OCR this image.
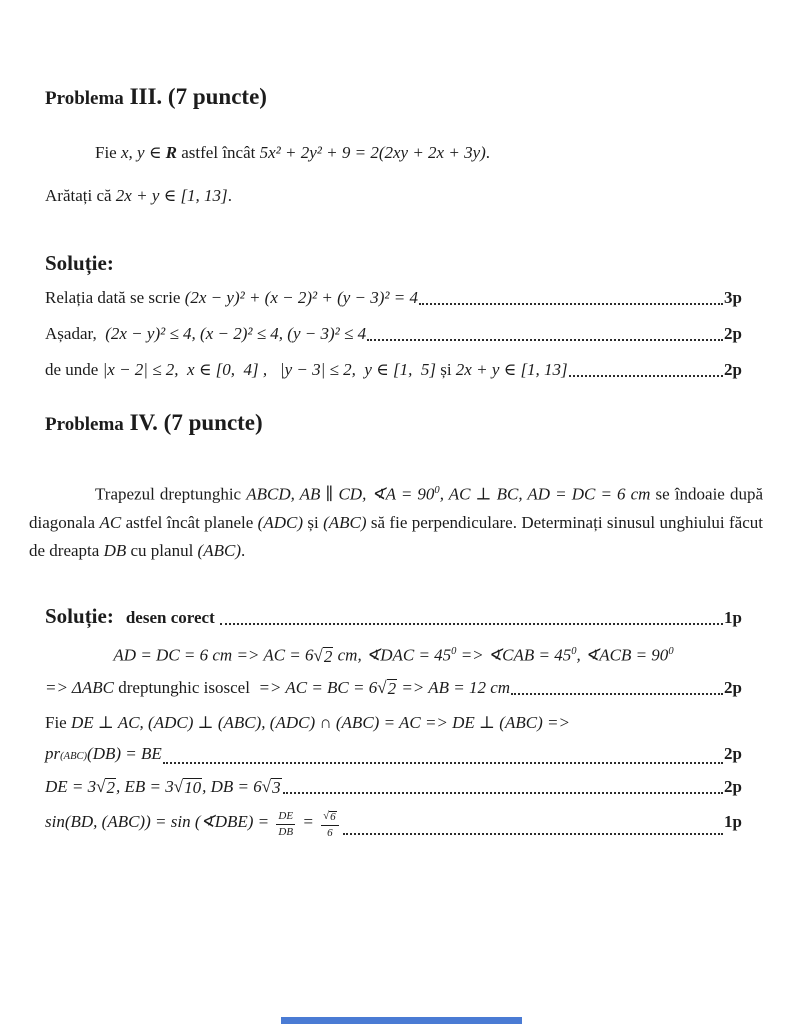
Problema III. (7 puncte)
Fie x, y ∈ R astfel încât 5x² + 2y² + 9 = 2(2xy + 2x + 3y).
Arătați că 2x + y ∈ [1, 13].
Soluție:
Relația dată se scrie (2x − y)² + (x − 2)² + (y − 3)² = 4	3p
Așadar, (2x − y)² ≤ 4, (x − 2)² ≤ 4, (y − 3)² ≤ 4	2p
de unde |x − 2| ≤ 2,  x ∈ [0,  4] ,   |y − 3| ≤ 2,  y ∈ [1,  5] și 2x + y ∈ [1, 13]	2p
Problema IV. (7 puncte)
Trapezul dreptunghic ABCD, AB ∥ CD, ∢A = $90^0$, AC ⊥ BC, AD = DC = 6 cm se îndoaie după diagonala AC astfel încât planele (ADC) și (ABC) să fie perpendiculare. Determinați sinusul unghiului făcut de dreapta DB cu planul (ABC).
Soluție: desen corect	1p
AD = DC = 6 cm => AC = 6 √ 2 cm, ∢DAC = $45^0$ => ∢CAB = $45^0$, ∢ACB = $90^0$
=> ΔABC dreptunghic isoscel => AC = BC = 6 √ 2 => AB = 12 cm	2p
Fie DE ⊥ AC, (ADC) ⊥ (ABC), (ADC) ∩ (ABC) = AC => DE ⊥ (ABC) =>
pr (ABC) (DB) = BE	2p
DE = 3 √ 2 , EB = 3 √ 10 , DB = 6 √ 3	2p
sin(BD, (ABC)) = sin (∢DBE) = $\frac{DE}{DB} = \frac{√ 6}{6}$	1p
